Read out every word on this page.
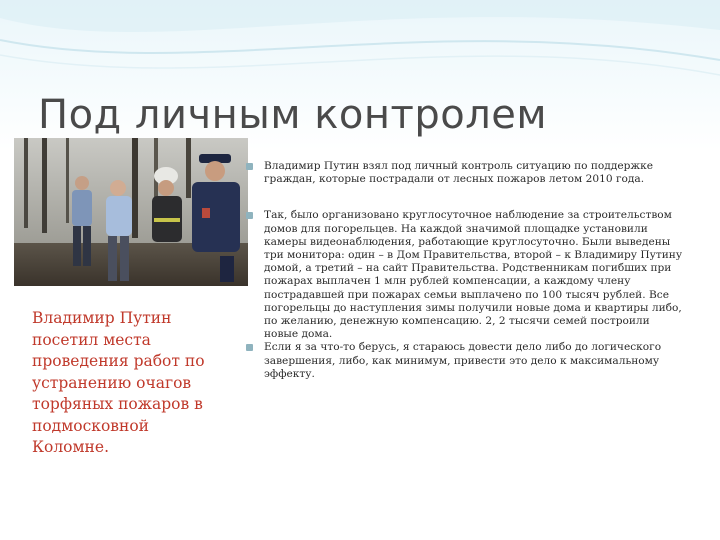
Под личным контролем

Владимир Путин посетил места проведения работ по устранению очагов торфяных пожаров в подмосковной Коломне.

Владимир Путин взял под личный контроль ситуацию по поддержке граждан, которые пострадали от лесных пожаров летом 2010 года.
Так, было организовано круглосуточное наблюдение за строительством домов для погорельцев. На каждой значимой площадке установили камеры видеонаблюдения, работающие круглосуточно. Были выведены три монитора: один – в Дом Правительства, второй – к Владимиру Путину домой, а третий – на сайт Правительства. Родственникам погибших при пожарах выплачен 1 млн рублей компенсации, а каждому члену пострадавшей при пожарах семьи выплачено по 100 тысяч рублей. Все погорельцы до наступления зимы получили новые дома и квартиры либо, по желанию, денежную компенсацию. 2, 2 тысячи семей построили новые дома.
Если я за что-то берусь, я стараюсь довести дело либо до логического завершения, либо, как минимум, привести это дело к максимальному эффекту.
